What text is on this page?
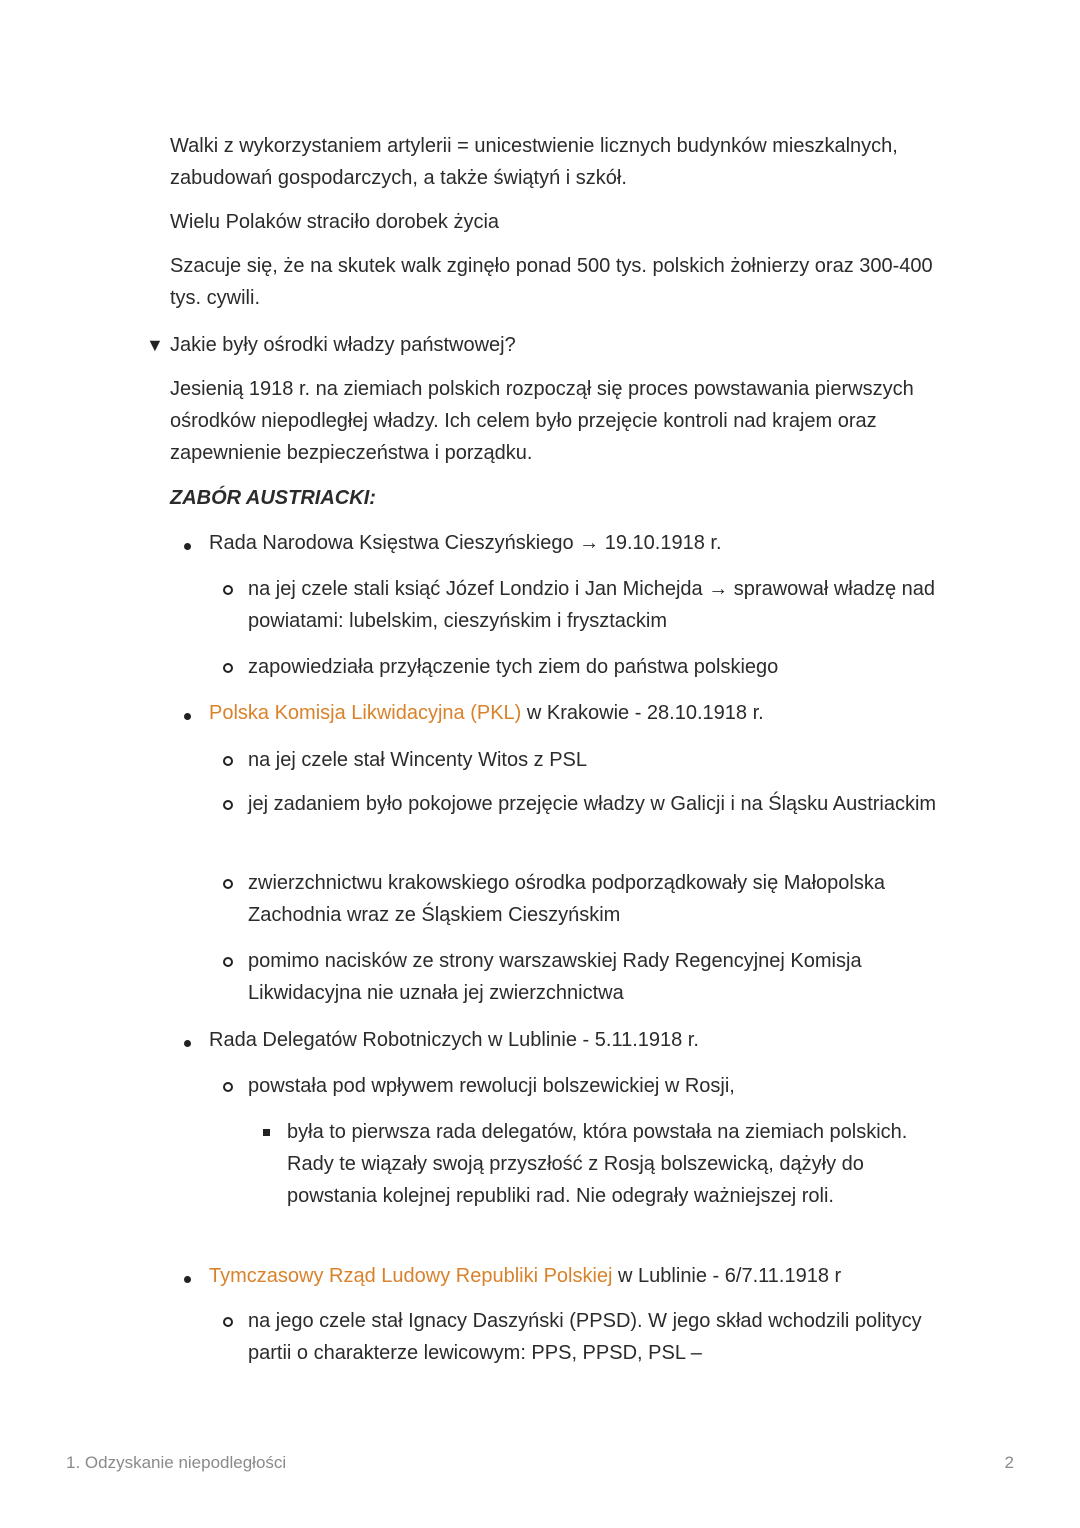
Walki z wykorzystaniem artylerii = unicestwienie licznych budynków mieszkalnych, zabudowań gospodarczych, a także świątyń i szkół.

Wielu Polaków straciło dorobek życia

Szacuje się, że na skutek walk zginęło ponad 500 tys. polskich żołnierzy oraz 300-400 tys. cywili.

▼ Jakie były ośrodki władzy państwowej?

Jesienią 1918 r. na ziemiach polskich rozpoczął się proces powstawania pierwszych ośrodków niepodległej władzy. Ich celem było przejęcie kontroli nad krajem oraz zapewnienie bezpieczeństwa i porządku.

ZABÓR AUSTRIACKI:

Rada Narodowa Księstwa Cieszyńskiego → 19.10.1918 r.

na jej czele stali ksiąć Józef Londzio i Jan Michejda → sprawował władzę nad powiatami: lubelskim, cieszyńskim i frysztackim

zapowiedziała przyłączenie tych ziem do państwa polskiego

Polska Komisja Likwidacyjna (PKL) w Krakowie - 28.10.1918 r.

na jej czele stał Wincenty Witos z PSL

jej zadaniem było pokojowe przejęcie władzy w Galicji i na Śląsku Austriackim

zwierzchnictwu krakowskiego ośrodka podporządkowały się Małopolska Zachodnia wraz ze Śląskiem Cieszyńskim

pomimo nacisków ze strony warszawskiej Rady Regencyjnej Komisja Likwidacyjna nie uznała jej zwierzchnictwa

Rada Delegatów Robotniczych w Lublinie - 5.11.1918 r.

powstała pod wpływem rewolucji bolszewickiej w Rosji,

była to pierwsza rada delegatów, która powstała na ziemiach polskich. Rady te wiązały swoją przyszłość z Rosją bolszewicką, dążyły do powstania kolejnej republiki rad. Nie odegrały ważniejszej roli.

Tymczasowy Rząd Ludowy Republiki Polskiej w Lublinie - 6/7.11.1918 r

na jego czele stał Ignacy Daszyński (PPSD). W jego skład wchodzili politycy partii o charakterze lewicowym: PPS, PPSD, PSL –

1. Odzyskanie niepodległości	2
